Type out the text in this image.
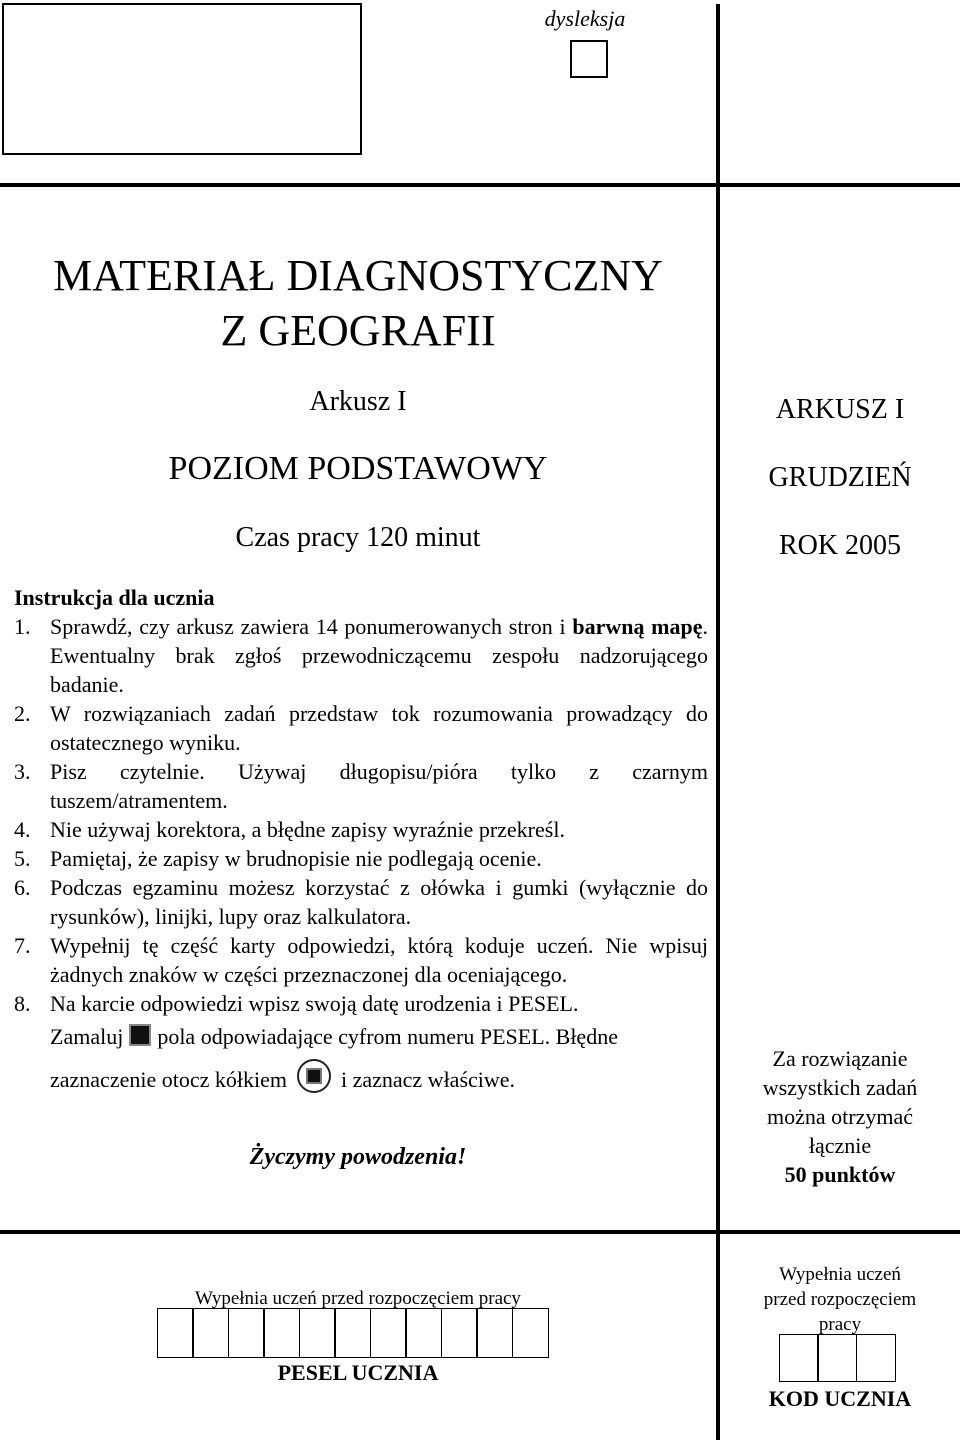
dysleksja
MATERIAŁ DIAGNOSTYCZNY
Z GEOGRAFII
Arkusz I
POZIOM PODSTAWOWY
Czas pracy 120 minut
ARKUSZ I
GRUDZIEŃ
ROK 2005
Instrukcja dla ucznia
1. Sprawdź, czy arkusz zawiera 14 ponumerowanych stron i barwną mapę. Ewentualny brak zgłoś przewodniczącemu zespołu nadzorującego badanie.
2. W rozwiązaniach zadań przedstaw tok rozumowania prowadzący do ostatecznego wyniku.
3. Pisz czytelnie. Używaj długopisu/pióra tylko z czarnym tuszem/atramentem.
4. Nie używaj korektora, a błędne zapisy wyraźnie przekreśl.
5. Pamiętaj, że zapisy w brudnopisie nie podlegają ocenie.
6. Podczas egzaminu możesz korzystać z ołówka i gumki (wyłącznie do rysunków), linijki, lupy oraz kalkulatora.
7. Wypełnij tę część karty odpowiedzi, którą koduje uczeń. Nie wpisuj żadnych znaków w części przeznaczonej dla oceniającego.
8. Na karcie odpowiedzi wpisz swoją datę urodzenia i PESEL.
Zamaluj pola odpowiadające cyfrom numeru PESEL. Błędne
zaznaczenie otocz kółkiem i zaznacz właściwe.
Życzymy powodzenia!
Za rozwiązanie
wszystkich zadań
można otrzymać
łącznie
50 punktów
Wypełnia uczeń przed rozpoczęciem pracy
PESEL UCZNIA
Wypełnia uczeń
przed rozpoczęciem
pracy
KOD UCZNIA
